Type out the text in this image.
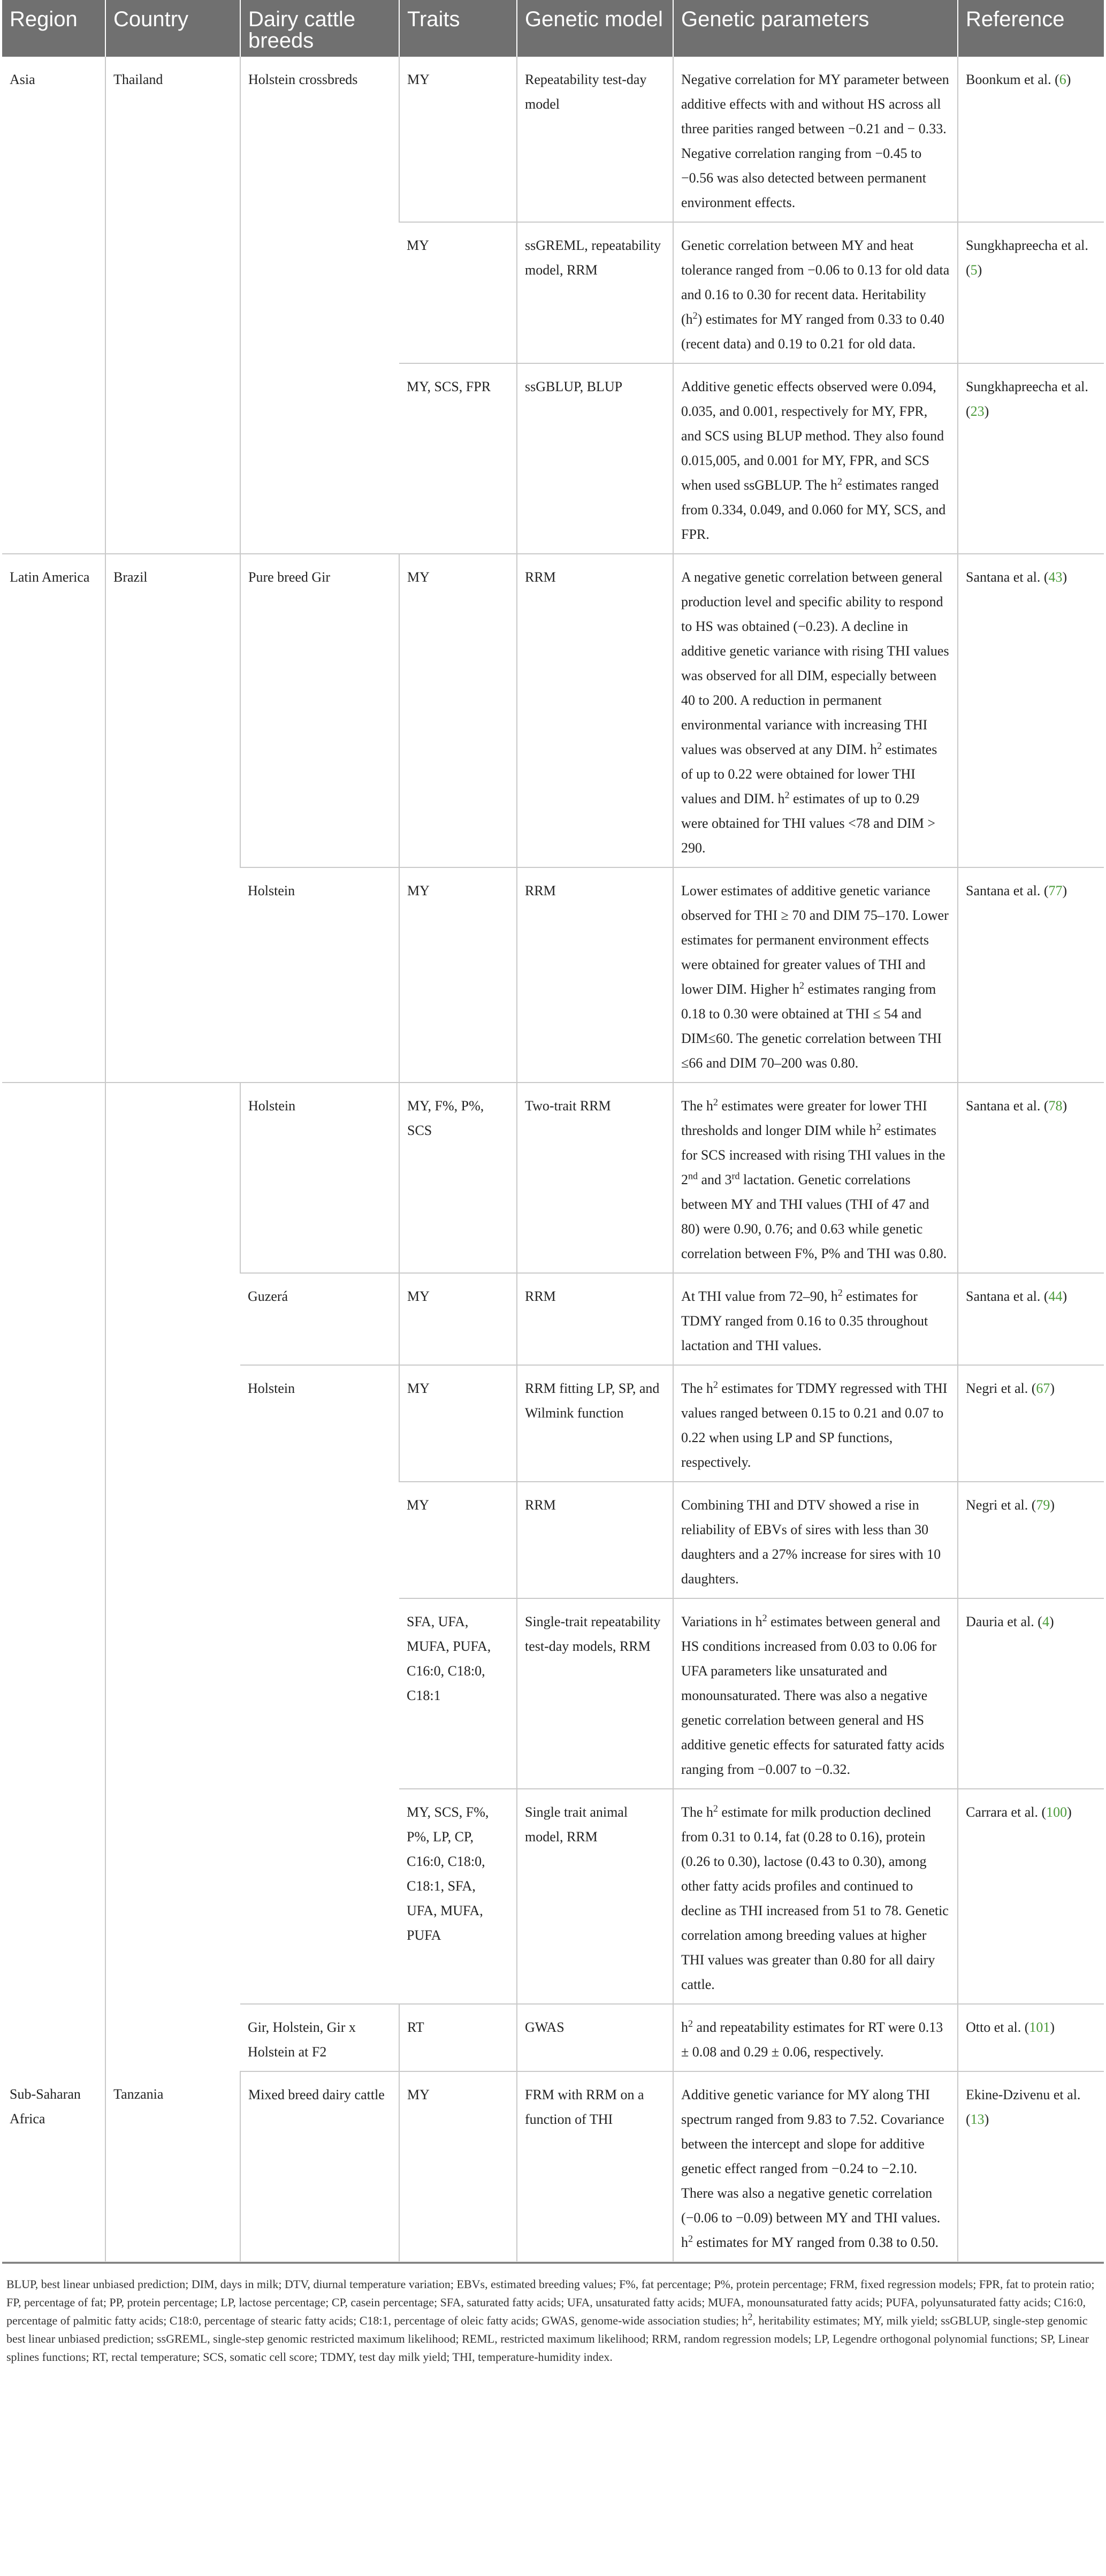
Region	Country	Dairy cattle breeds	Traits	Genetic model	Genetic parameters	Reference
Asia	Thailand	Holstein crossbreds	MY	Repeatability test-day model	Negative correlation for MY parameter between additive effects with and without HS across all three parities ranged between −0.21 and − 0.33. Negative correlation ranging from −0.45 to −0.56 was also detected between permanent environment effects.	Boonkum et al. (6)
			MY	ssGREML, repeatability model, RRM	Genetic correlation between MY and heat tolerance ranged from −0.06 to 0.13 for old data and 0.16 to 0.30 for recent data. Heritability $(h^2)$ estimates for MY ranged from 0.33 to 0.40 (recent data) and 0.19 to 0.21 for old data.	Sungkhapreecha et al. (5)
			MY, SCS, FPR	ssGBLUP, BLUP	Additive genetic effects observed were 0.094, 0.035, and 0.001, respectively for MY, FPR, and SCS using BLUP method. They also found 0.015,005, and 0.001 for MY, FPR, and SCS when used ssGBLUP. The $h^2$ estimates ranged from 0.334, 0.049, and 0.060 for MY, SCS, and FPR.	Sungkhapreecha et al. (23)
Latin America	Brazil	Pure breed Gir	MY	RRM	A negative genetic correlation between general production level and specific ability to respond to HS was obtained (−0.23). A decline in additive genetic variance with rising THI values was observed for all DIM, especially between 40 to 200. A reduction in permanent environmental variance with increasing THI values was observed at any DIM. $h^2$ estimates of up to 0.22 were obtained for lower THI values and DIM. $h^2$ estimates of up to 0.29 were obtained for THI values <78 and DIM ˃ 290.	Santana et al. (43)
		Holstein	MY	RRM	Lower estimates of additive genetic variance observed for THI ≥ 70 and DIM 75–170. Lower estimates for permanent environment effects were obtained for greater values of THI and lower DIM. Higher $h^2$ estimates ranging from 0.18 to 0.30 were obtained at THI ≤ 54 and DIM≤60. The genetic correlation between THI ≤66 and DIM 70–200 was 0.80.	Santana et al. (77)
		Holstein	MY, F%, P%, SCS	Two-trait RRM	The $h^2$ estimates were greater for lower THI thresholds and longer DIM while $h^2$ estimates for SCS increased with rising THI values in the 2nd and 3rd lactation. Genetic correlations between MY and THI values (THI of 47 and 80) were 0.90, 0.76; and 0.63 while genetic correlation between F%, P% and THI was 0.80.	Santana et al. (78)
		Guzerá	MY	RRM	At THI value from 72–90, $h^2$ estimates for TDMY ranged from 0.16 to 0.35 throughout lactation and THI values.	Santana et al. (44)
		Holstein	MY	RRM fitting LP, SP, and Wilmink function	The $h^2$ estimates for TDMY regressed with THI values ranged between 0.15 to 0.21 and 0.07 to 0.22 when using LP and SP functions, respectively.	Negri et al. (67)
			MY	RRM	Combining THI and DTV showed a rise in reliability of EBVs of sires with less than 30 daughters and a 27% increase for sires with 10 daughters.	Negri et al. (79)
			SFA, UFA, MUFA, PUFA, C16:0, C18:0, C18:1	Single-trait repeatability test-day models, RRM	Variations in $h^2$ estimates between general and HS conditions increased from 0.03 to 0.06 for UFA parameters like unsaturated and monounsaturated. There was also a negative genetic correlation between general and HS additive genetic effects for saturated fatty acids ranging from −0.007 to −0.32.	Dauria et al. (4)
			MY, SCS, F%, P%, LP, CP, C16:0, C18:0, C18:1, SFA, UFA, MUFA, PUFA	Single trait animal model, RRM	The $h^2$ estimate for milk production declined from 0.31 to 0.14, fat (0.28 to 0.16), protein (0.26 to 0.30), lactose (0.43 to 0.30), among other fatty acids profiles and continued to decline as THI increased from 51 to 78. Genetic correlation among breeding values at higher THI values was greater than 0.80 for all dairy cattle.	Carrara et al. (100)
		Gir, Holstein, Gir x Holstein at F2	RT	GWAS	$h^2$ and repeatability estimates for RT were 0.13 ± 0.08 and 0.29 ± 0.06, respectively.	Otto et al. (101)
Sub-Saharan Africa	Tanzania	Mixed breed dairy cattle	MY	FRM with RRM on a function of THI	Additive genetic variance for MY along THI spectrum ranged from 9.83 to 7.52. Covariance between the intercept and slope for additive genetic effect ranged from −0.24 to −2.10. There was also a negative genetic correlation (−0.06 to −0.09) between MY and THI values. $h^2$ estimates for MY ranged from 0.38 to 0.50.	Ekine-Dzivenu et al. (13)
BLUP, best linear unbiased prediction; DIM, days in milk; DTV, diurnal temperature variation; EBVs, estimated breeding values; F%, fat percentage; P%, protein percentage; FRM, fixed regression models; FPR, fat to protein ratio; FP, percentage of fat; PP, protein percentage; LP, lactose percentage; CP, casein percentage; SFA, saturated fatty acids; UFA, unsaturated fatty acids; MUFA, monounsaturated fatty acids; PUFA, polyunsaturated fatty acids; C16:0, percentage of palmitic fatty acids; C18:0, percentage of stearic fatty acids; C18:1, percentage of oleic fatty acids; GWAS, genome-wide association studies; $h^2$, heritability estimates; MY, milk yield; ssGBLUP, single-step genomic best linear unbiased prediction; ssGREML, single-step genomic restricted maximum likelihood; REML, restricted maximum likelihood; RRM, random regression models; LP, Legendre orthogonal polynomial functions; SP, Linear splines functions; RT, rectal temperature; SCS, somatic cell score; TDMY, test day milk yield; THI, temperature-humidity index.
